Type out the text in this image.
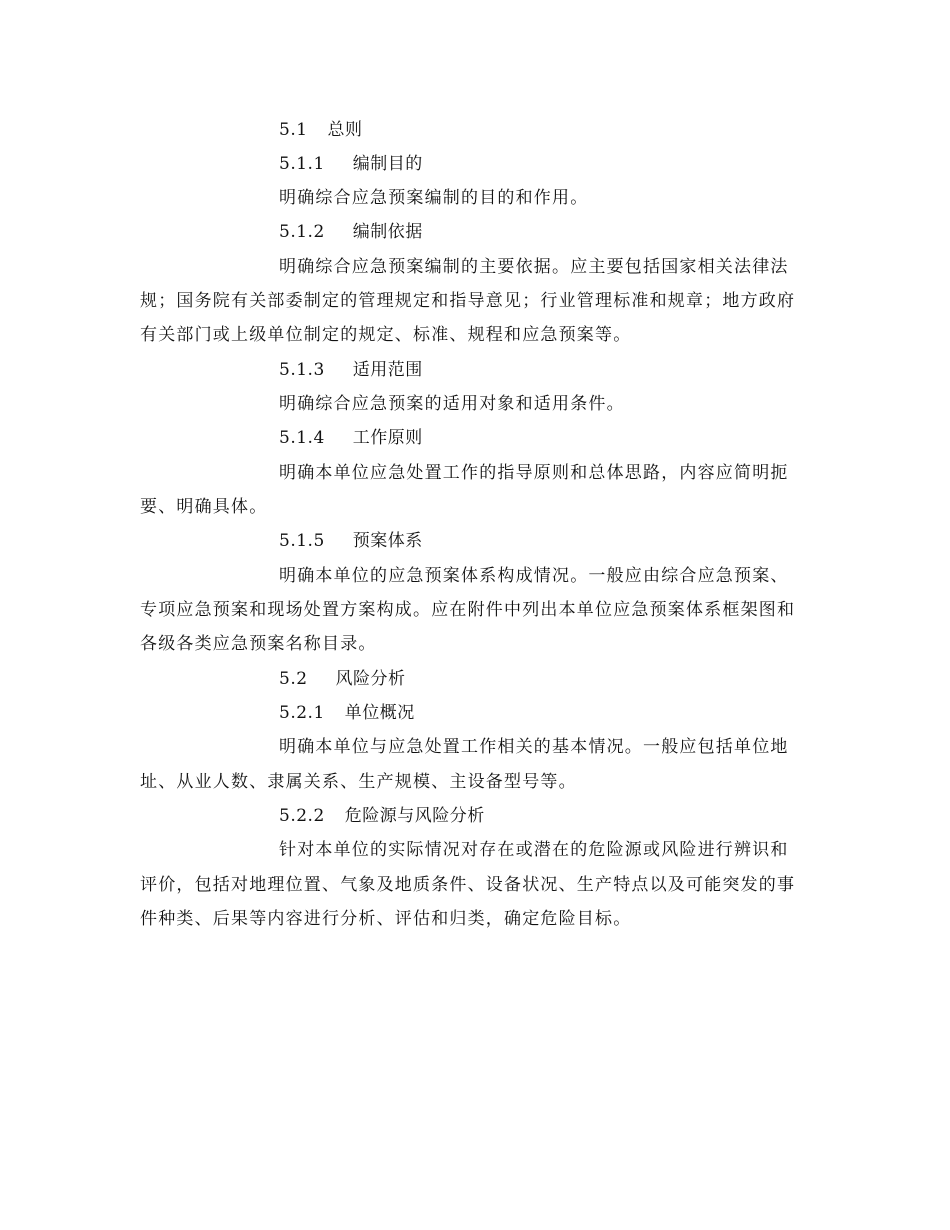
5.1 总则
5.1.1 编制目的
明确综合应急预案编制的目的和作用。
5.1.2 编制依据
明确综合应急预案编制的主要依据。应主要包括国家相关法律法
规；国务院有关部委制定的管理规定和指导意见；行业管理标准和规章；地方政府
有关部门或上级单位制定的规定、标准、规程和应急预案等。
5.1.3 适用范围
明确综合应急预案的适用对象和适用条件。
5.1.4 工作原则
明确本单位应急处置工作的指导原则和总体思路，内容应简明扼
要、明确具体。
5.1.5 预案体系
明确本单位的应急预案体系构成情况。一般应由综合应急预案、
专项应急预案和现场处置方案构成。应在附件中列出本单位应急预案体系框架图和
各级各类应急预案名称目录。
5.2 风险分析
5.2.1 单位概况
明确本单位与应急处置工作相关的基本情况。一般应包括单位地
址、从业人数、隶属关系、生产规模、主设备型号等。
5.2.2 危险源与风险分析
针对本单位的实际情况对存在或潜在的危险源或风险进行辨识和
评价，包括对地理位置、气象及地质条件、设备状况、生产特点以及可能突发的事
件种类、后果等内容进行分析、评估和归类，确定危险目标。
